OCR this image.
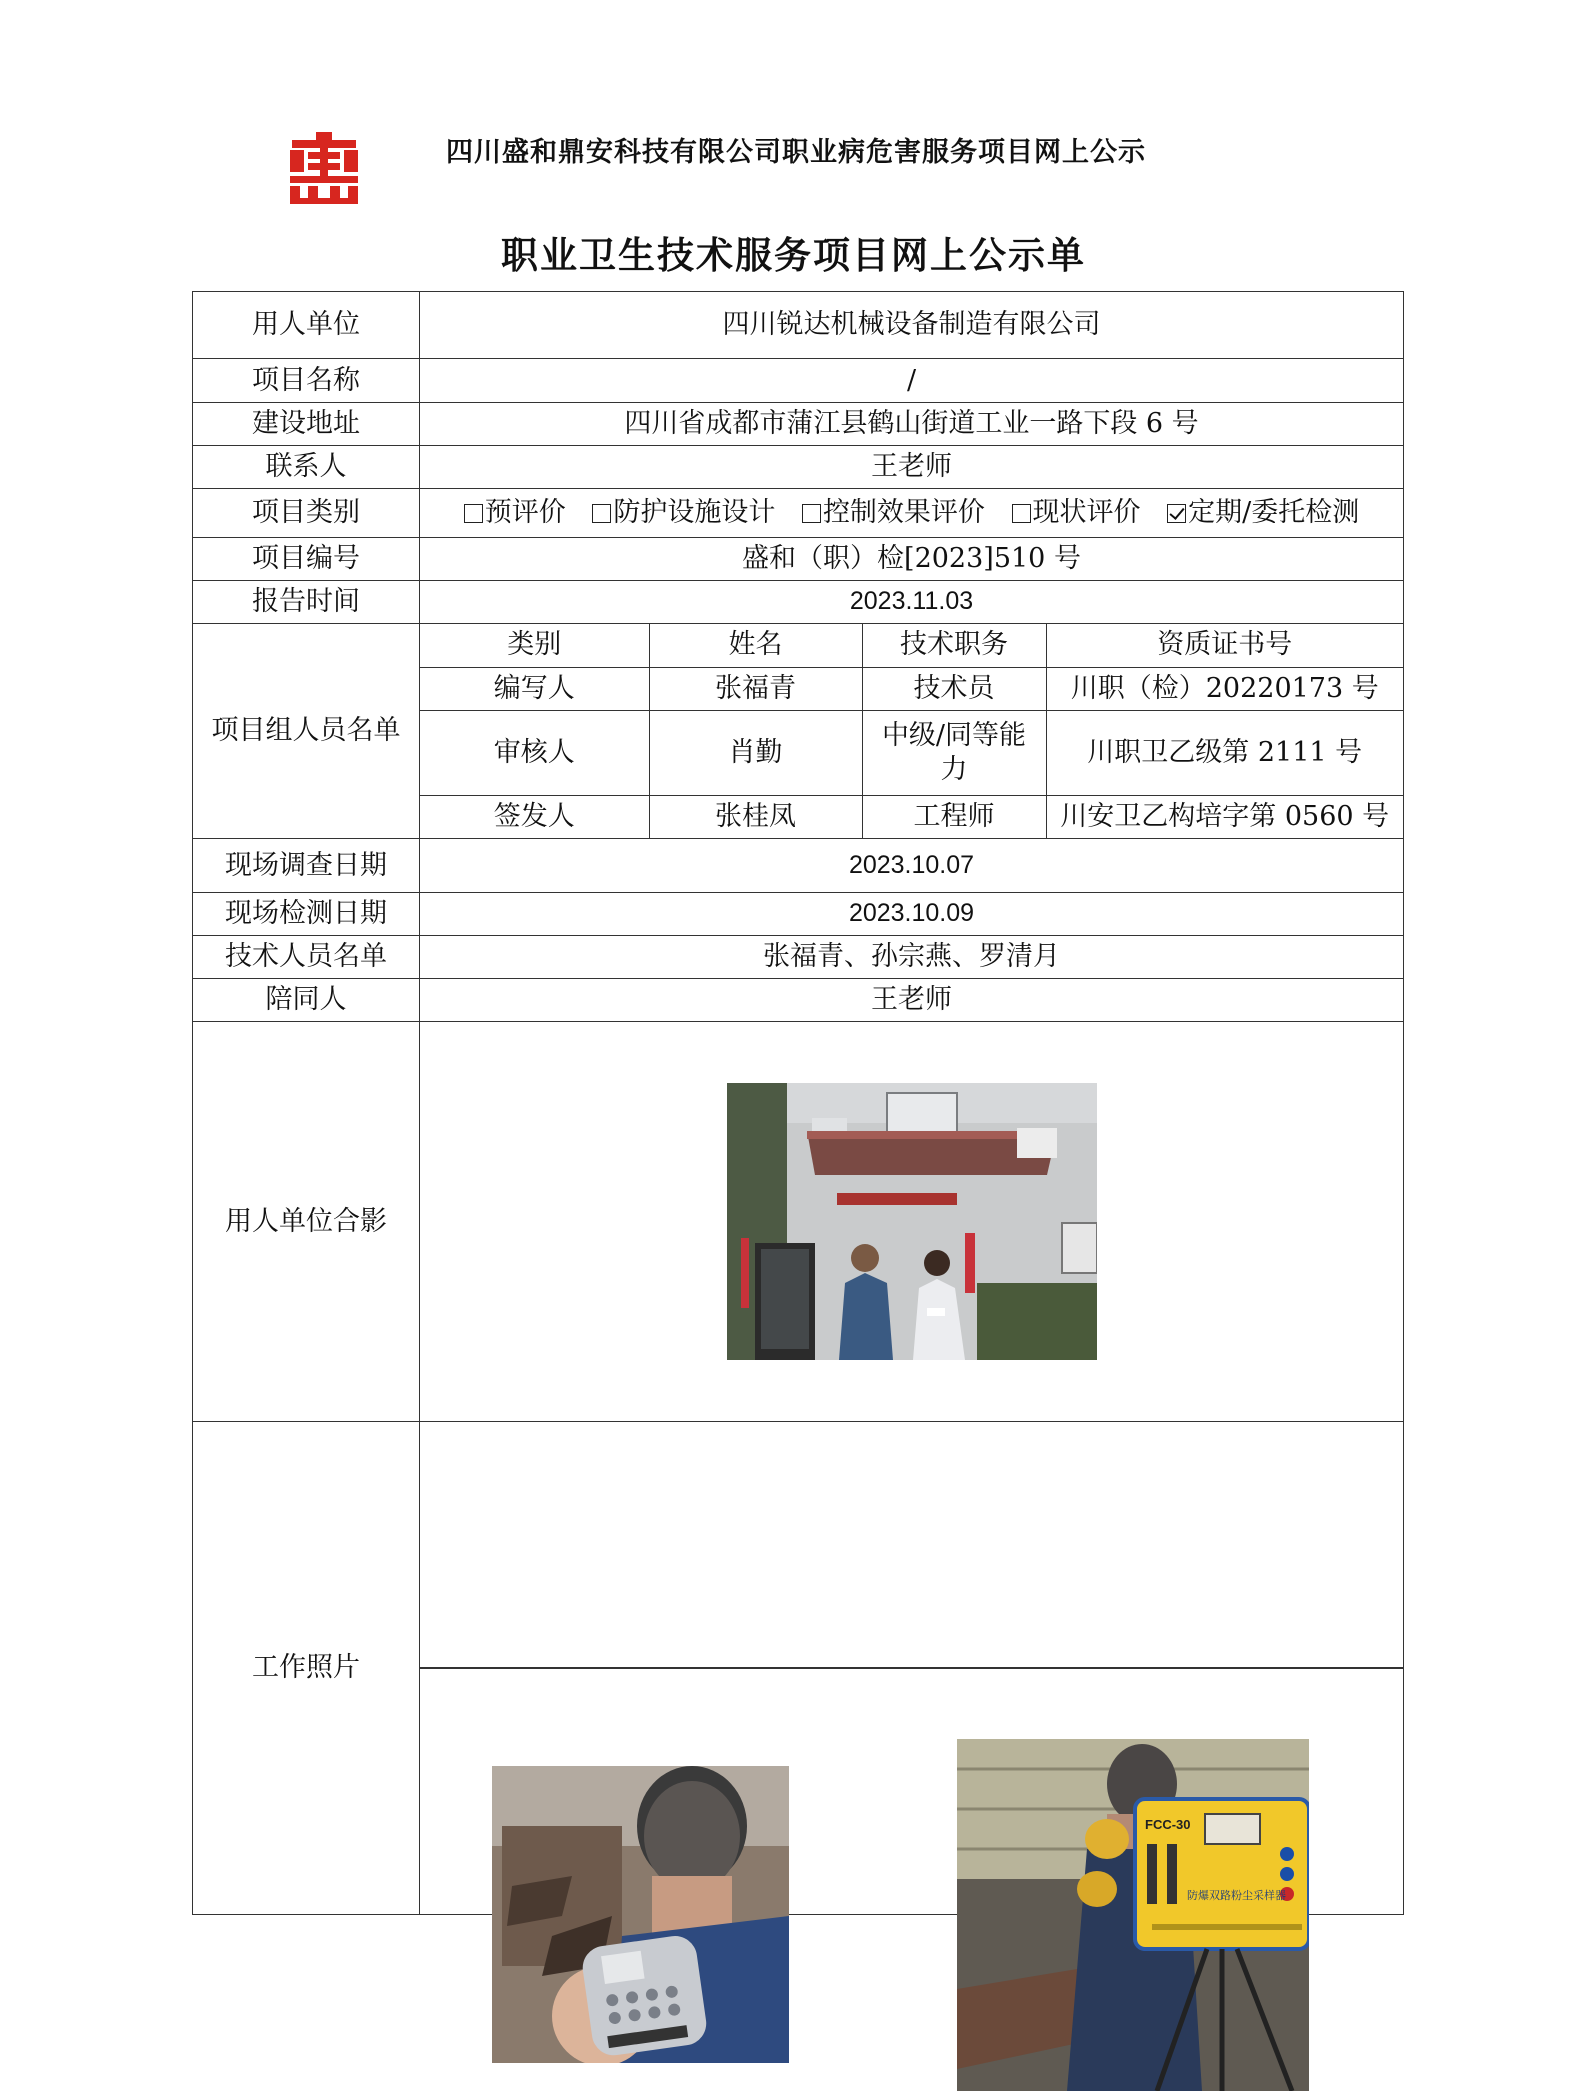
四川盛和鼎安科技有限公司职业病危害服务项目网上公示
职业卫生技术服务项目网上公示单
用人单位	四川锐达机械设备制造有限公司
项目名称	/
建设地址	四川省成都市蒲江县鹤山街道工业一路下段 6 号
联系人	王老师
项目类别	预评价 防护设施设计 控制效果评价 现状评价 定期/委托检测
项目编号	盛和（职）检[2023]510 号
报告时间	2023.11.03
项目组人员名单	
类别	姓名	技术职务	资质证书号
编写人	张福青	技术员	川职（检）20220173 号
审核人	肖勤	中级/同等能力	川职卫乙级第 2111 号
签发人	张桂凤	工程师	川安卫乙构培字第 0560 号

现场调查日期	2023.10.07
现场检测日期	2023.10.09
技术人员名单	张福青、孙宗燕、罗清月
陪同人	王老师
用人单位合影	

工作照片	

FCC-30
防爆双路粉尘采样器
